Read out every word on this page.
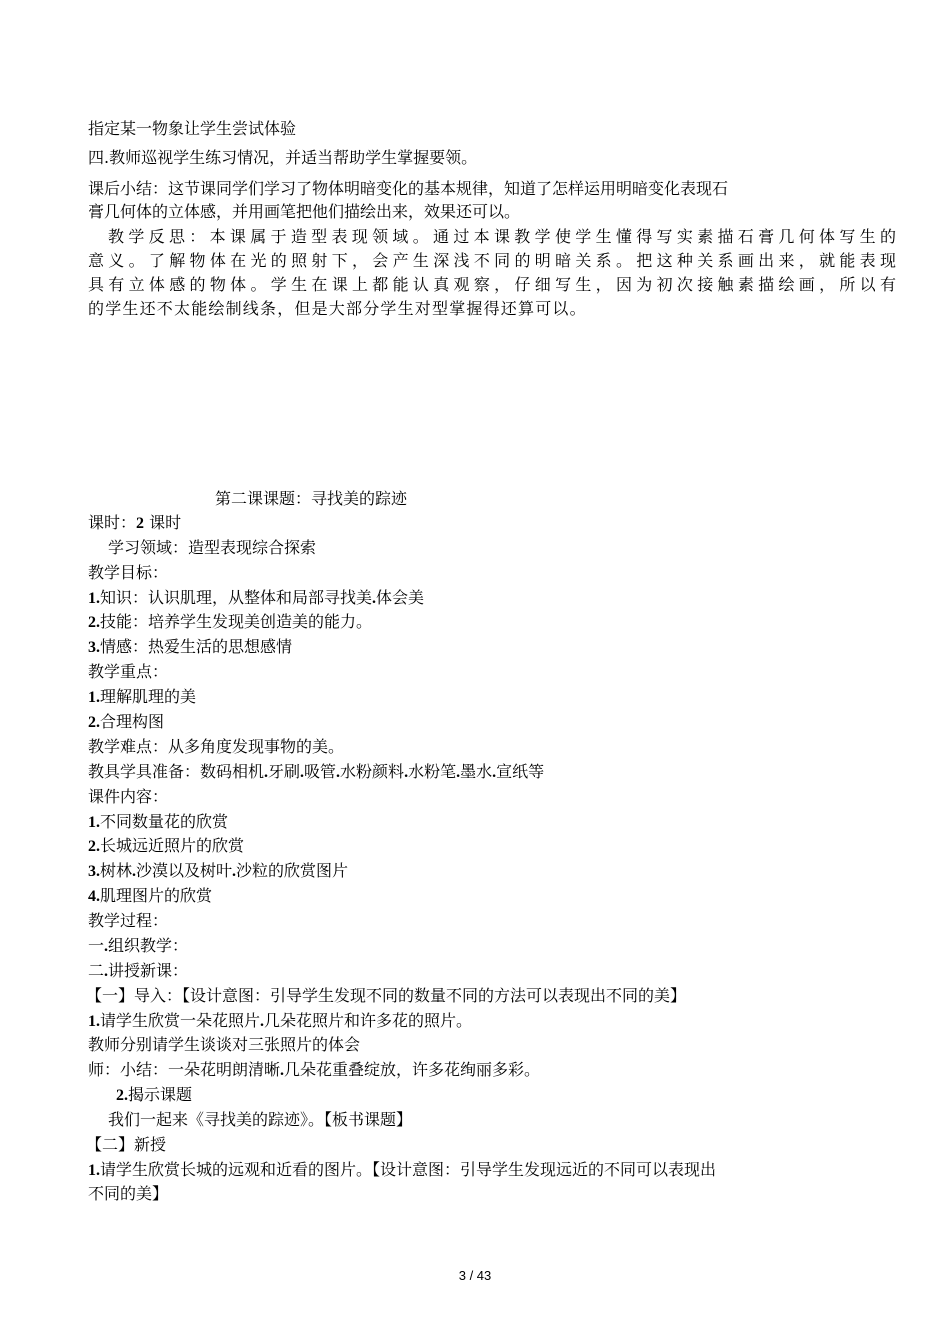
指定某一物象让学生尝试体验
四.教师巡视学生练习情况，并适当帮助学生掌握要领。
课后小结：这节课同学们学习了物体明暗变化的基本规律，知道了怎样运用明暗变化表现石
膏几何体的立体感，并用画笔把他们描绘出来，效果还可以。
教学反思：本课属于造型表现领域。通过本课教学使学生懂得写实素描石膏几何体写生的
意义。了解物体在光的照射下，会产生深浅不同的明暗关系。把这种关系画出来，就能表现
具有立体感的物体。学生在课上都能认真观察，仔细写生，因为初次接触素描绘画，所以有
的学生还不太能绘制线条，但是大部分学生对型掌握得还算可以。
第二课课题：寻找美的踪迹
课时：2 课时
学习领域：造型表现综合探索
教学目标：
1.知识：认识肌理，从整体和局部寻找美.体会美
2.技能：培养学生发现美创造美的能力。
3.情感：热爱生活的思想感情
教学重点：
1.理解肌理的美
2.合理构图
教学难点：从多角度发现事物的美。
教具学具准备：数码相机.牙刷.吸管.水粉颜料.水粉笔.墨水.宣纸等
课件内容：
1.不同数量花的欣赏
2.长城远近照片的欣赏
3.树林.沙漠以及树叶.沙粒的欣赏图片
4.肌理图片的欣赏
教学过程：
一.组织教学：
二.讲授新课：
【一】导入：【设计意图：引导学生发现不同的数量不同的方法可以表现出不同的美】
1.请学生欣赏一朵花照片.几朵花照片和许多花的照片。
教师分别请学生谈谈对三张照片的体会
师：小结：一朵花明朗清晰.几朵花重叠绽放，许多花绚丽多彩。
2.揭示课题
我们一起来《寻找美的踪迹》。【板书课题】
【二】新授
1.请学生欣赏长城的远观和近看的图片。【设计意图：引导学生发现远近的不同可以表现出
不同的美】
3 / 43
